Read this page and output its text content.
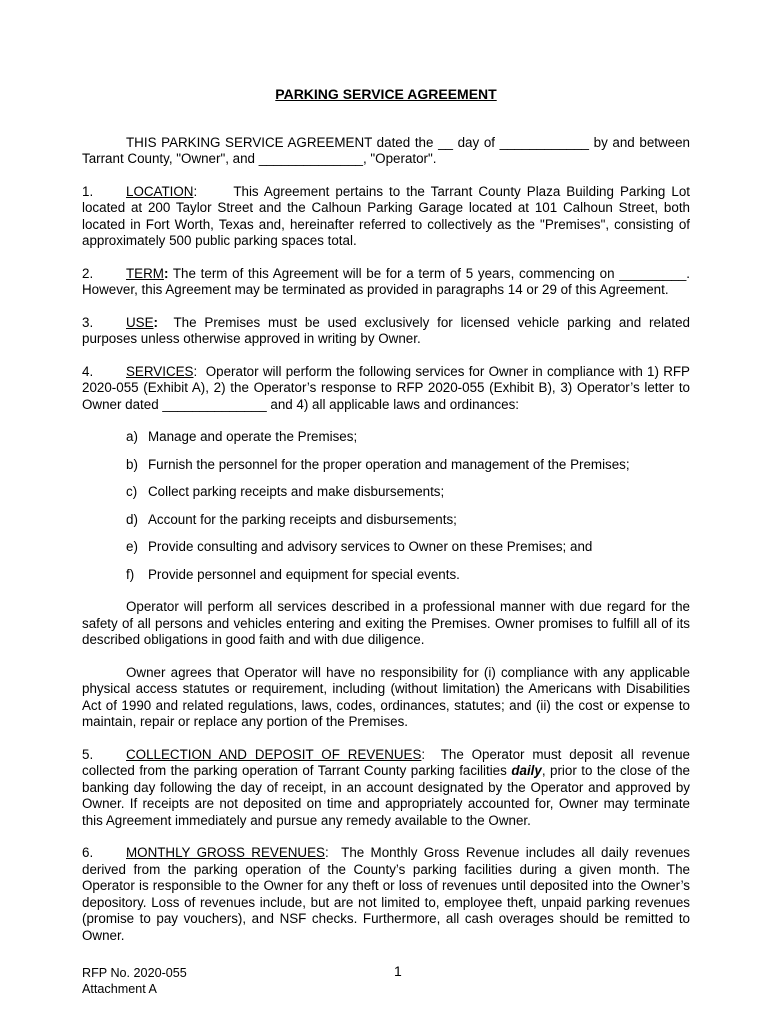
PARKING SERVICE AGREEMENT

THIS PARKING SERVICE AGREEMENT dated the __ day of ____________ by and between Tarrant County, "Owner", and ______________, "Operator".

1. LOCATION:	This Agreement pertains to the Tarrant County Plaza Building Parking Lot located at 200 Taylor Street and the Calhoun Parking Garage located at 101 Calhoun Street, both located in Fort Worth, Texas and, hereinafter referred to collectively as the "Premises", consisting of approximately 500 public parking spaces total.

2. TERM: The term of this Agreement will be for a term of 5 years, commencing on _________. However, this Agreement may be terminated as provided in paragraphs 14 or 29 of this Agreement.

3. USE: The Premises must be used exclusively for licensed vehicle parking and related purposes unless otherwise approved in writing by Owner.

4. SERVICES: Operator will perform the following services for Owner in compliance with 1) RFP 2020-055 (Exhibit A), 2) the Operator’s response to RFP 2020-055 (Exhibit B), 3) Operator’s letter to Owner dated ______________ and 4) all applicable laws and ordinances:

a) Manage and operate the Premises;
b) Furnish the personnel for the proper operation and management of the Premises;
c) Collect parking receipts and make disbursements;
d) Account for the parking receipts and disbursements;
e) Provide consulting and advisory services to Owner on these Premises; and
f) Provide personnel and equipment for special events.

Operator will perform all services described in a professional manner with due regard for the safety of all persons and vehicles entering and exiting the Premises. Owner promises to fulfill all of its described obligations in good faith and with due diligence.

Owner agrees that Operator will have no responsibility for (i) compliance with any applicable physical access statutes or requirement, including (without limitation) the Americans with Disabilities Act of 1990 and related regulations, laws, codes, ordinances, statutes; and (ii) the cost or expense to maintain, repair or replace any portion of the Premises.

5. COLLECTION AND DEPOSIT OF REVENUES: The Operator must deposit all revenue collected from the parking operation of Tarrant County parking facilities daily, prior to the close of the banking day following the day of receipt, in an account designated by the Operator and approved by Owner. If receipts are not deposited on time and appropriately accounted for, Owner may terminate this Agreement immediately and pursue any remedy available to the Owner.

6. MONTHLY GROSS REVENUES: The Monthly Gross Revenue includes all daily revenues derived from the parking operation of the County’s parking facilities during a given month. The Operator is responsible to the Owner for any theft or loss of revenues until deposited into the Owner’s depository. Loss of revenues include, but are not limited to, employee theft, unpaid parking revenues (promise to pay vouchers), and NSF checks. Furthermore, all cash overages should be remitted to Owner.

RFP No. 2020-055
Attachment A
1
